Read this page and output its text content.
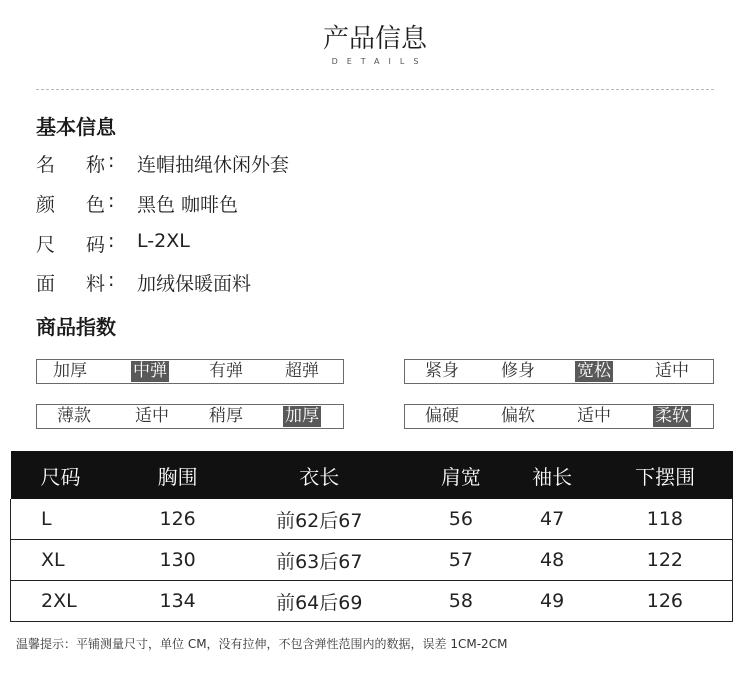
产品信息
DETAILS
基本信息
名 称 : 连帽抽绳休闲外套
颜 色 : 黑色 咖啡色
尺 码 : L-2XL
面 料 : 加绒保暖面料
商品指数
加厚	中弹 有弹 超弹	紧身 修身 宽松	适中
薄款	适中 稍厚 加厚	偏硬 偏软 适中	柔软
尺码	胸围	衣长	肩宽	袖长	下摆围
L	126	前62后67	56	47	118
XL	130	前63后67	57	48	122
2XL	134	前64后69	58	49	126
温馨提示：平铺测量尺寸，单位 CM，没有拉伸，不包含弹性范围内的数据，误差 1CM-2CM
